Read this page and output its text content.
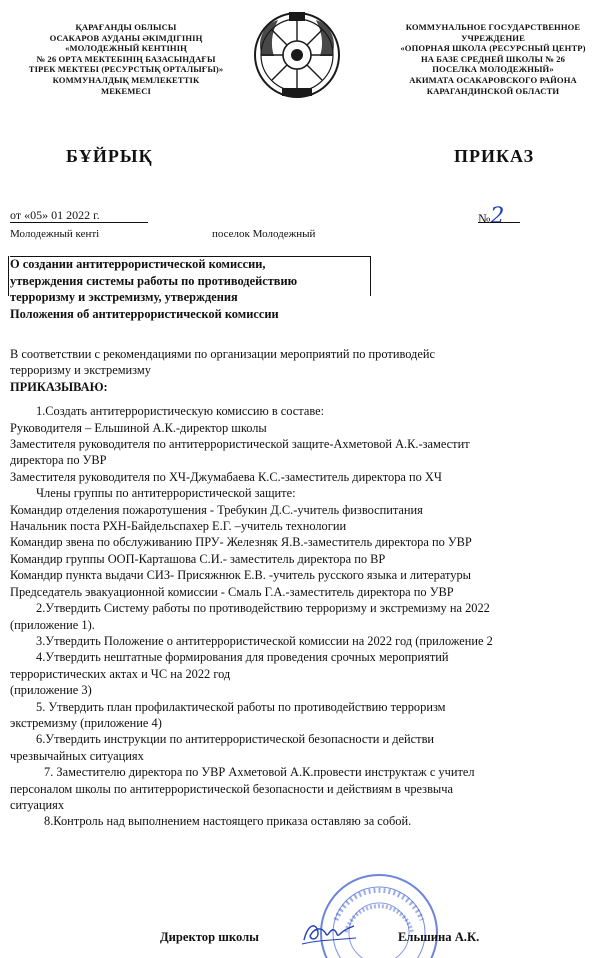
ҚАРАҒАНДЫ ОБЛЫСЫ
ОСАКАРОВ АУДАНЫ ӘКІМДІГІНІҢ
«МОЛОДЕЖНЫЙ КЕНТІНІҢ
№ 26 ОРТА МЕКТЕБІНІҢ БАЗАСЫНДАҒЫ
ТІРЕК МЕКТЕБІ (РЕСУРСТЫҚ ОРТАЛЫҒЫ)»
КОММУНАЛДЫҚ МЕМЛЕКЕТТІК
МЕКЕМЕСІ
КОММУНАЛЬНОЕ ГОСУДАРСТВЕННОЕ
УЧРЕЖДЕНИЕ
«ОПОРНАЯ ШКОЛА (РЕСУРСНЫЙ ЦЕНТР)
НА БАЗЕ СРЕДНЕЙ ШКОЛЫ № 26
ПОСЕЛКА МОЛОДЕЖНЫЙ»
АКИМАТА ОСАКАРОВСКОГО РАЙОНА
КАРАГАНДИНСКОЙ ОБЛАСТИ
БҰЙРЫҚ	ПРИКАЗ
от «05» 01 2022 г.	№2
Молодежный кенті	поселок Молодежный
О создании антитеррористической комиссии,
утверждения системы работы по противодействию
терроризму и экстремизму, утверждения
Положения об антитеррористической комиссии
В соответствии с рекомендациями по организации мероприятий по противодейс
терроризму и экстремизму
ПРИКАЗЫВАЮ:
1.Создать антитеррористическую комиссию в составе:
Руководителя – Ельшиной А.К.-директор школы
Заместителя руководителя по антитеррористической защите-Ахметовой А.К.-заместит
директора по УВР
Заместителя руководителя по ХЧ-Джумабаева К.С.-заместитель директора по ХЧ
Члены группы по антитеррористической защите:
Командир отделения пожаротушения - Требукин Д.С.-учитель физвоспитания
Начальник поста РХН-Байдельспахер Е.Г. –учитель технологии
Командир звена по обслуживанию ПРУ- Железняк Я.В.-заместитель директора по УВР
Командир группы ООП-Карташова С.И.- заместитель директора по ВР
Командир пункта выдачи СИЗ- Присяжнюк Е.В. -учитель русского языка и литературы
Председатель эвакуационной комиссии - Смаль Г.А.-заместитель директора по УВР
2.Утвердить Систему работы по противодействию терроризму и экстремизму на 2022
(приложение 1).
3.Утвердить Положение о антитеррористической комиссии на 2022 год (приложение 2
4.Утвердить нештатные формирования для проведения срочных мероприятий
террористических актах и ЧС на 2022 год
(приложение 3)
5. Утвердить план профилактической работы по противодействию терроризм
экстремизму (приложение 4)
6.Утвердить инструкции по антитеррористической безопасности и действи
чрезвычайных ситуациях
7. Заместителю директора по УВР Ахметовой А.К.провести инструктаж с учител
персоналом школы по антитеррористической безопасности и действиям в чрезвыча
ситуациях
8.Контроль над выполнением настоящего приказа оставляю за собой.
Директор школы	Ельшина А.К.
